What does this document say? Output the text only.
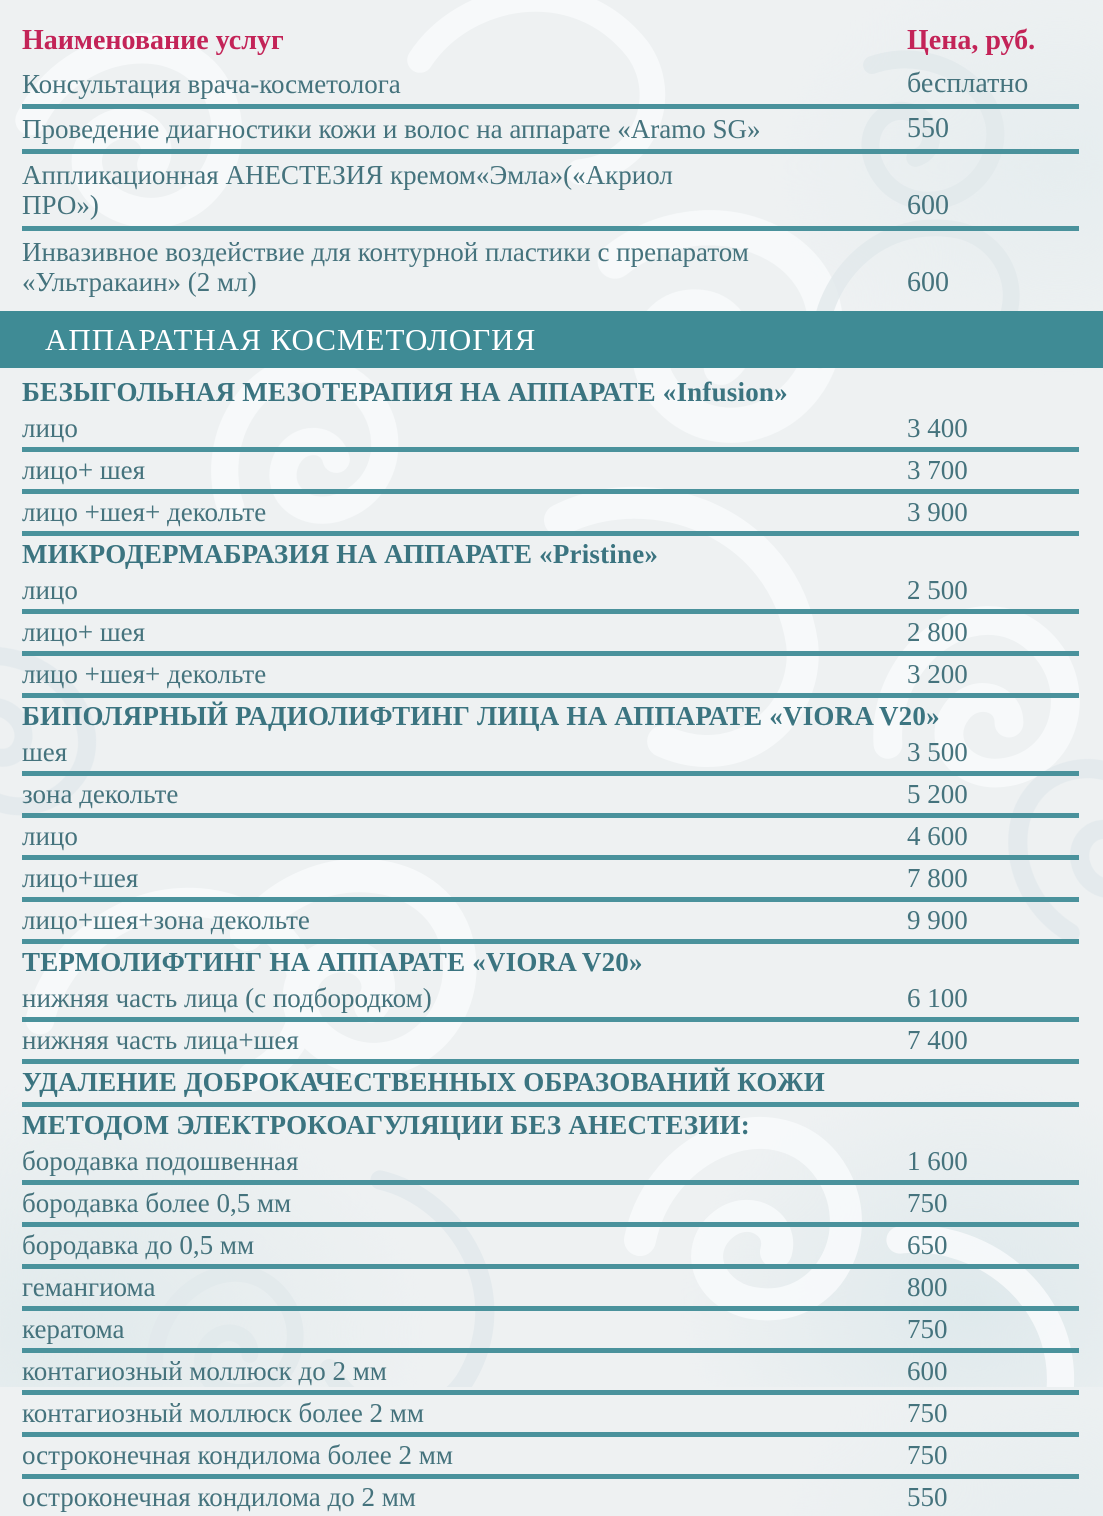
Наименование услуг	Цена, руб.
Консультация врача-косметолога	бесплатно
Проведение диагностики кожи и волос на аппарате «Aramo SG»	550
Аппликационная АНЕСТЕЗИЯ кремом«Эмла»(«Акриол
ПРО»)	600
Инвазивное воздействие для контурной пластики с препаратом
«Ультракаин» (2 мл)	600
АППАРАТНАЯ КОСМЕТОЛОГИЯ
БЕЗЫГОЛЬНАЯ МЕЗОТЕРАПИЯ НА АППАРАТЕ «Infusion»
лицо	3 400
лицо+ шея	3 700
лицо +шея+ декольте	3 900
МИКРОДЕРМАБРАЗИЯ НА АППАРАТЕ «Pristine»
лицо	2 500
лицо+ шея	2 800
лицо +шея+ декольте	3 200
БИПОЛЯРНЫЙ РАДИОЛИФТИНГ ЛИЦА НА АППАРАТЕ «VIORA V20»
шея	3 500
зона декольте	5 200
лицо	4 600
лицо+шея	7 800
лицо+шея+зона декольте	9 900
ТЕРМОЛИФТИНГ НА АППАРАТЕ «VIORA V20»
нижняя часть лица (с подбородком)	6 100
нижняя часть лица+шея	7 400
УДАЛЕНИЕ ДОБРОКАЧЕСТВЕННЫХ ОБРАЗОВАНИЙ КОЖИ
МЕТОДОМ ЭЛЕКТРОКОАГУЛЯЦИИ БЕЗ АНЕСТЕЗИИ:
бородавка подошвенная	1 600
бородавка более 0,5 мм	750
бородавка до 0,5 мм	650
гемангиома	800
кератома	750
контагиозный моллюск до 2 мм	600
контагиозный моллюск более 2 мм	750
остроконечная кондилома более 2 мм	750
остроконечная кондилома до 2 мм	550
